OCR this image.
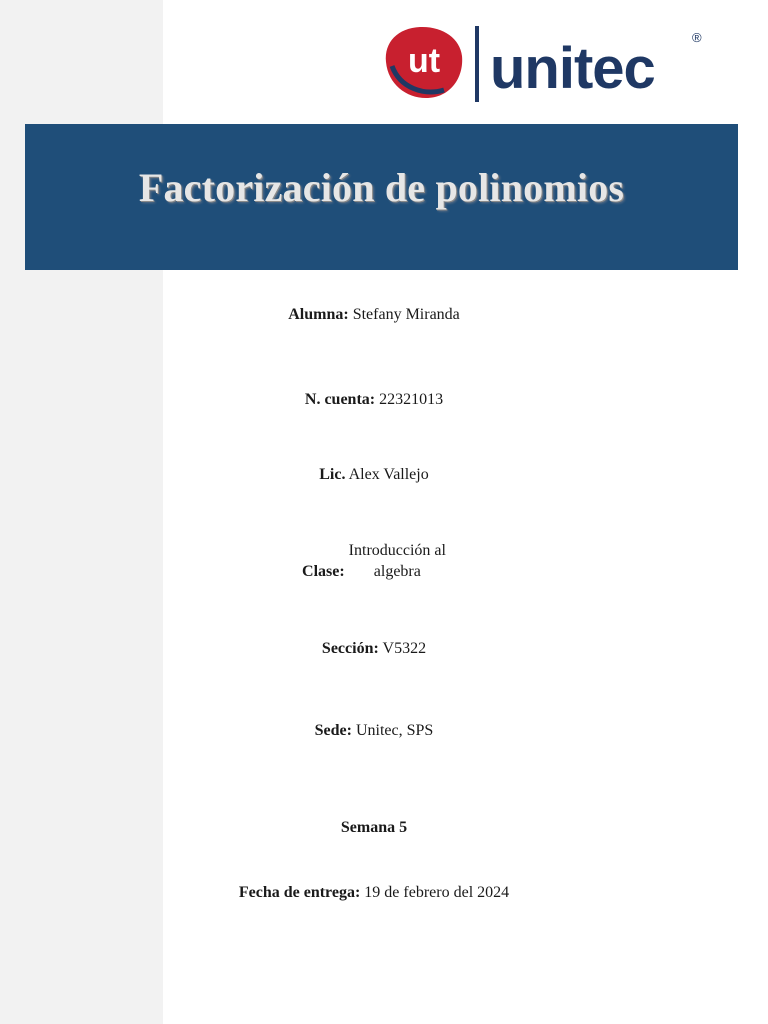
ut unitec	®
Factorización de polinomios
Alumna: Stefany Miranda
N. cuenta: 22321013
Lic. Alex Vallejo
Clase: Introducción al
algebra
Sección: V5322
Sede: Unitec, SPS
Semana 5
Fecha de entrega: 19 de febrero del 2024
